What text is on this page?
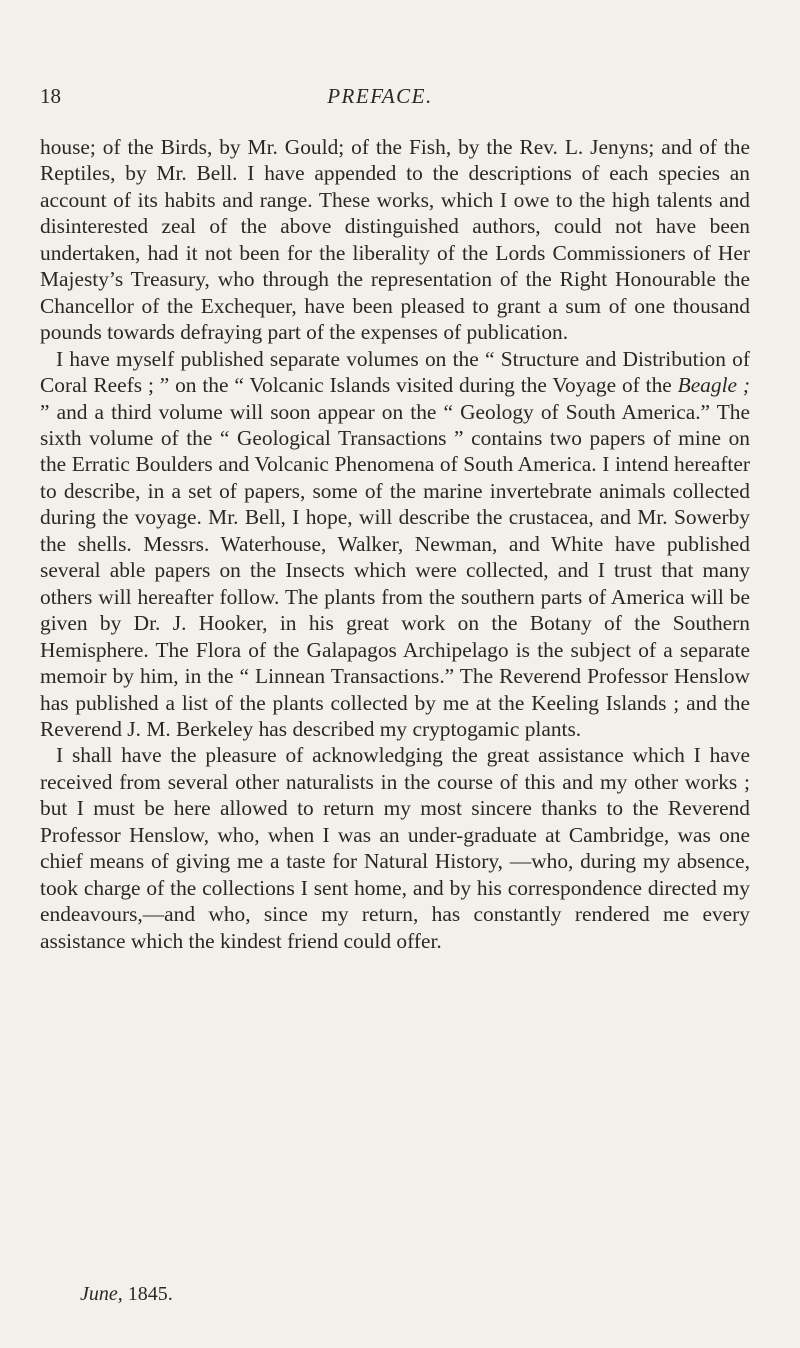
18	PREFACE.

house; of the Birds, by Mr. Gould; of the Fish, by the Rev. L. Jenyns; and of the Reptiles, by Mr. Bell. I have appended to the descriptions of each species an account of its habits and range. These works, which I owe to the high talents and disinterested zeal of the above distinguished authors, could not have been undertaken, had it not been for the liberality of the Lords Commissioners of Her Majesty’s Treasury, who through the representation of the Right Honourable the Chancellor of the Exchequer, have been pleased to grant a sum of one thousand pounds towards defraying part of the expenses of publication.

I have myself published separate volumes on the “ Structure and Distribution of Coral Reefs ; ” on the “ Volcanic Islands visited during the Voyage of the Beagle ; ” and a third volume will soon appear on the “ Geology of South America.” The sixth volume of the “ Geological Transactions ” contains two papers of mine on the Erratic Boulders and Volcanic Phenomena of South America. I intend hereafter to describe, in a set of papers, some of the marine invertebrate animals collected during the voyage. Mr. Bell, I hope, will describe the crustacea, and Mr. Sowerby the shells. Messrs. Waterhouse, Walker, Newman, and White have published several able papers on the Insects which were collected, and I trust that many others will hereafter follow. The plants from the southern parts of America will be given by Dr. J. Hooker, in his great work on the Botany of the Southern Hemisphere. The Flora of the Galapagos Archipelago is the subject of a separate memoir by him, in the “ Linnean Transactions.” The Reverend Professor Henslow has published a list of the plants collected by me at the Keeling Islands ; and the Reverend J. M. Berkeley has described my cryptogamic plants.

I shall have the pleasure of acknowledging the great assistance which I have received from several other naturalists in the course of this and my other works ; but I must be here allowed to return my most sincere thanks to the Reverend Professor Henslow, who, when I was an under-graduate at Cambridge, was one chief means of giving me a taste for Natural History, —who, during my absence, took charge of the collections I sent home, and by his correspondence directed my endeavours,—and who, since my return, has constantly rendered me every assistance which the kindest friend could offer.

June, 1845.
